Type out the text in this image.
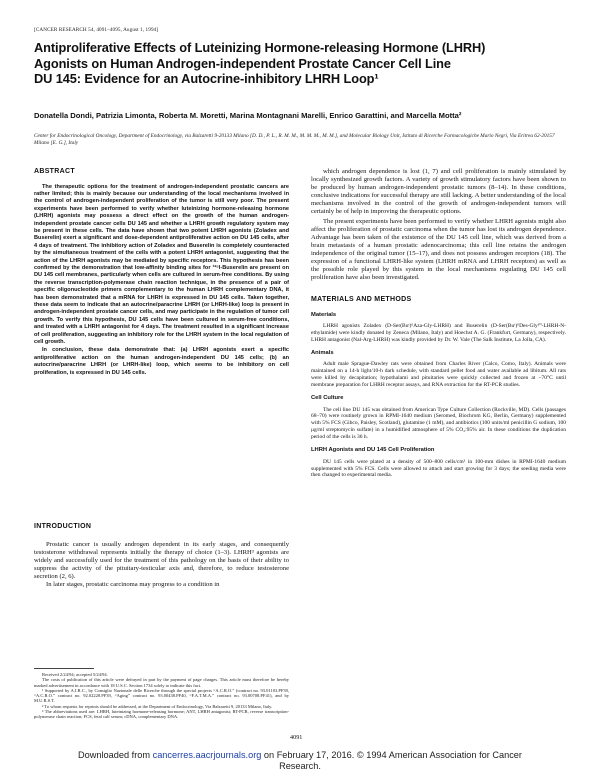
[CANCER RESEARCH 54, 4091–4095, August 1, 1994]
Antiproliferative Effects of Luteinizing Hormone-releasing Hormone (LHRH)
Agonists on Human Androgen-independent Prostate Cancer Cell Line
DU 145: Evidence for an Autocrine-inhibitory LHRH Loop¹
Donatella Dondi, Patrizia Limonta, Roberta M. Moretti, Marina Montagnani Marelli, Enrico Garattini, and Marcella Motta²
Center for Endocrinological Oncology, Department of Endocrinology, via Balzaretti 9-20133 Milano [D. D., P. L., R. M. M., M. M. M., M. M.], and Molecular Biology Unit, Istituto di Ricerche Farmacologiche Mario Negri, Via Eritrea 62-20157 Milano [E. G.], Italy
ABSTRACT

The therapeutic options for the treatment of androgen-independent prostatic cancers are rather limited; this is mainly because our understanding of the local mechanisms involved in the control of androgen-independent proliferation of the tumor is still very poor. The present experiments have been performed to verify whether luteinizing hormone-releasing hormone (LHRH) agonists may possess a direct effect on the growth of the human androgen-independent prostate cancer cells DU 145 and whether a LHRH growth regulatory system may be present in these cells. The data have shown that two potent LHRH agonists (Zoladex and Buserelin) exert a significant and dose-dependent antiproliferative action on DU 145 cells, after 4 days of treatment. The inhibitory action of Zoladex and Buserelin is completely counteracted by the simultaneous treatment of the cells with a potent LHRH antagonist, suggesting that the action of the LHRH agonists may be mediated by specific receptors. This hypothesis has been confirmed by the demonstration that low-affinity binding sites for ¹²⁵I-Buserelin are present on DU 145 cell membranes, particularly when cells are cultured in serum-free conditions. By using the reverse transcription-polymerase chain reaction technique, in the presence of a pair of specific oligonucleotide primers complementary to the human LHRH complementary DNA, it has been demonstrated that a mRNA for LHRH is expressed in DU 145 cells. Taken together, these data seem to indicate that an autocrine/paracrine LHRH (or LHRH-like) loop is present in androgen-independent prostate cancer cells, and may participate in the regulation of tumor cell growth. To verify this hypothesis, DU 145 cells have been cultured in serum-free conditions, and treated with a LHRH antagonist for 4 days. The treatment resulted in a significant increase of cell proliferation, suggesting an inhibitory role for the LHRH system in the local regulation of cell growth.

In conclusion, these data demonstrate that: (a) LHRH agonists exert a specific antiproliferative action on the human androgen-independent DU 145 cells; (b) an autocrine/paracrine LHRH (or LHRH-like) loop, which seems to be inhibitory on cell proliferation, is expressed in DU 145 cells.

INTRODUCTION

Prostatic cancer is usually androgen dependent in its early stages, and consequently testosterone withdrawal represents initially the therapy of choice (1–3). LHRH³ agonists are widely and successfully used for the treatment of this pathology on the basis of their ability to suppress the activity of the pituitary-testicular axis and, therefore, to reduce testosterone secretion (2, 6).

In later stages, prostatic carcinoma may progress to a condition in

Received 2/24/94; accepted 5/24/94.

The costs of publication of this article were defrayed in part by the payment of page charges. This article must therefore be hereby marked advertisement in accordance with 18 U.S.C. Section 1734 solely to indicate this fact.

¹ Supported by A.I.R.C., by Consiglio Nazionale delle Ricerche through the special projects “A.C.R.O.” (contract no. 93.01103.PF39, “A.C.R.O.” contract no. 92.02228.PF39, “Aging” contract no. 93.00438.PF40, “F.A.T.M.A.” contract no. 93.00708.PF41), and by M.U.R.S.T.

² To whom requests for reprints should be addressed, at the Department of Endocrinology, Via Balzaretti 9, 20133 Milano, Italy.

³ The abbreviations used are: LHRH, luteinizing hormone-releasing hormone; ANT, LHRH antagonist; RT-PCR, reverse transcription-polymerase chain reaction; FCS, fetal calf serum; cDNA, complementary DNA.

which androgen dependence is lost (1, 7) and cell proliferation is mainly stimulated by locally synthesized growth factors. A variety of growth stimulatory factors have been shown to be produced by human androgen-independent prostatic tumors (8–14). In these conditions, conclusive indications for successful therapy are still lacking. A better understanding of the local mechanisms involved in the control of the growth of androgen-independent tumors will certainly be of help in improving the therapeutic options.

The present experiments have been performed to verify whether LHRH agonists might also affect the proliferation of prostatic carcinoma when the tumor has lost its androgen dependence. Advantage has been taken of the existence of the DU 145 cell line, which was derived from a brain metastasis of a human prostatic adenocarcinoma; this cell line retains the androgen independence of the original tumor (15–17), and does not possess androgen receptors (18). The expression of a functional LHRH-like system (LHRH mRNA and LHRH receptors) as well as the possible role played by this system in the local mechanisms regulating DU 145 cell proliferation have also been investigated.

MATERIALS AND METHODS
Materials

LHRH agonists Zoladex (D-Ser(Buᵗ)⁶Aza-Gly-LHRH) and Buserelin (D-Ser(Buᵗ)⁶Des-Gly¹⁰-LHRH-N-ethylamide) were kindly donated by Zeneca (Milano, Italy) and Hoechst A. G. (Frankfurt, Germany), respectively. LHRH antagonist (Nal-Arg-LHRH) was kindly provided by Dr. W. Vale (The Salk Institute, La Jolla, CA).

Animals

Adult male Sprague-Dawley rats were obtained from Charles River (Calco, Como, Italy). Animals were maintained on a 14-h light/10-h dark schedule, with standard pellet food and water available ad libitum. All rats were killed by decapitation; hypothalami and pituitaries were quickly collected and frozen at −70°C until membrane preparation for LHRH receptor assays, and RNA extraction for the RT-PCR studies.

Cell Culture

The cell line DU 145 was obtained from American Type Culture Collection (Rockville, MD). Cells (passages 68–70) were routinely grown in RPMI-1640 medium (Seromed, Biochrom KG, Berlin, Germany) supplemented with 5% FCS (Gibco, Paisley, Scotland), glutamine (1 mM), and antibiotics (100 units/ml penicillin G sodium, 100 μg/ml streptomycin sulfate) in a humidified atmosphere of 5% CO₂:95% air. In these conditions the duplication period of the cells is 36 h.

LHRH Agonists and DU 145 Cell Proliferation

DU 145 cells were plated at a density of 500–800 cells/cm² in 100-mm dishes in RPMI-1640 medium supplemented with 5% FCS. Cells were allowed to attach and start growing for 3 days; the seeding media were then changed to experimental media.

4091
Downloaded from cancerres.aacrjournals.org on February 17, 2016. © 1994 American Association for Cancer
Research.
